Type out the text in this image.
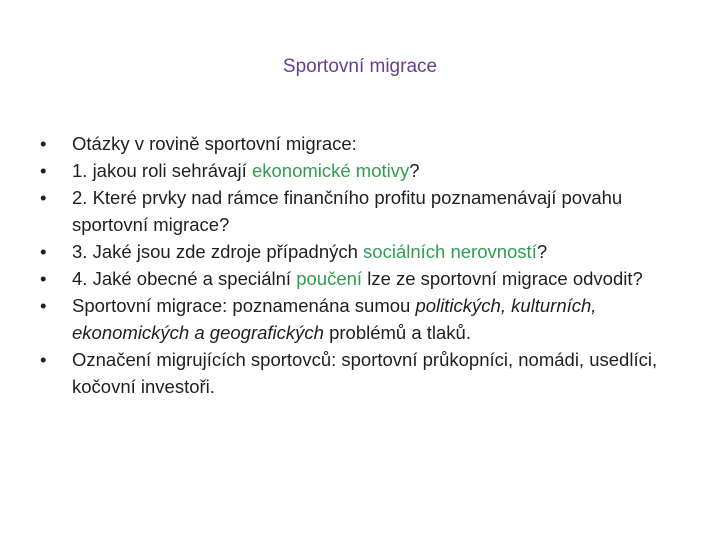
Sportovní migrace
• Otázky v rovině sportovní migrace:
• 1. jakou roli sehrávají ekonomické motivy?
• 2. Které prvky nad rámce finančního profitu poznamenávají povahu sportovní migrace?
• 3. Jaké jsou zde zdroje případných sociálních nerovností?
• 4. Jaké obecné a speciální poučení lze ze sportovní migrace odvodit?
• Sportovní migrace: poznamenána sumou politických, kulturních, ekonomických a geografických problémů a tlaků.
• Označení migrujících sportovců: sportovní průkopníci, nomádi, usedlíci, kočovní investoři.
